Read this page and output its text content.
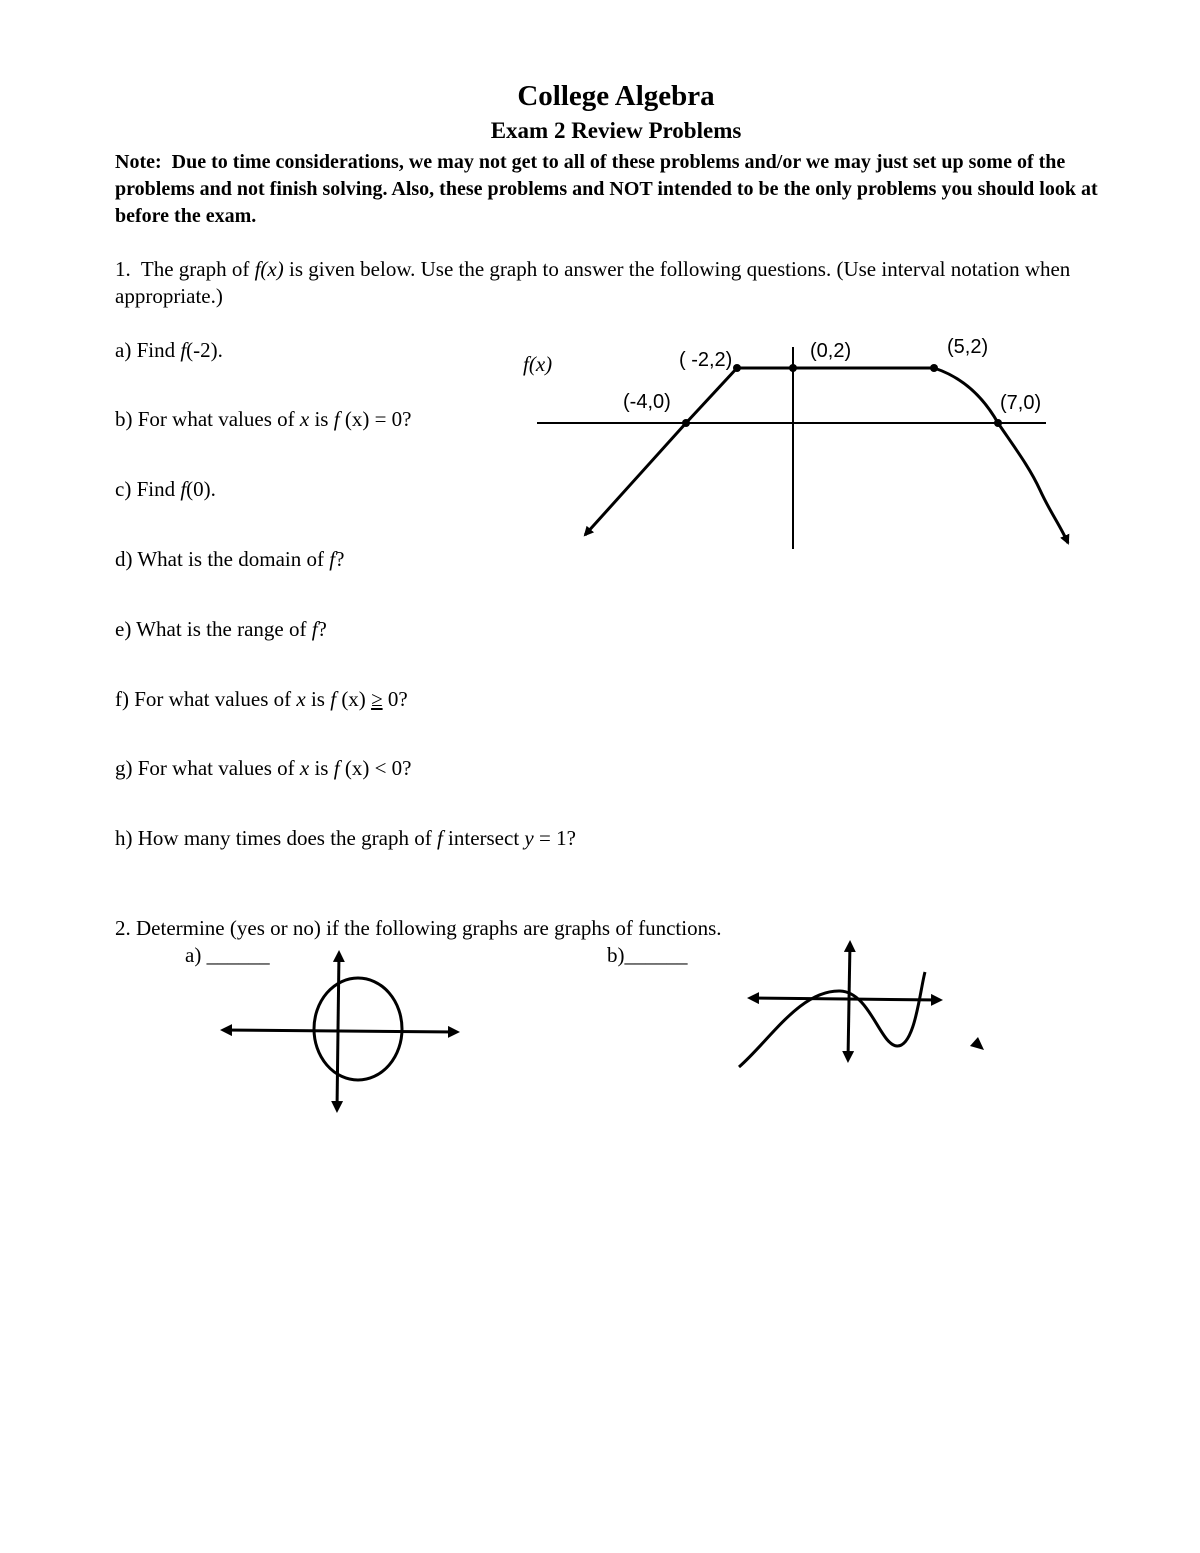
College Algebra
Exam 2 Review Problems
Note: Due to time considerations, we may not get to all of these problems and/or we may just set up some of the problems and not finish solving. Also, these problems and NOT intended to be the only problems you should look at before the exam.
1. The graph of f(x) is given below. Use the graph to answer the following questions. (Use interval notation when appropriate.)
a) Find f(-2).
b) For what values of x is f (x) = 0?
c) Find f(0).
d) What is the domain of f?
e) What is the range of f?
f) For what values of x is f (x) ≥ 0?
g) For what values of x is f (x) < 0?
h) How many times does the graph of f intersect y = 1?
f(x)
(-4,0)
( -2,2)	(0,2)	(5,2)
(7,0)
2. Determine (yes or no) if the following graphs are graphs of functions.
a) ______	b)______
